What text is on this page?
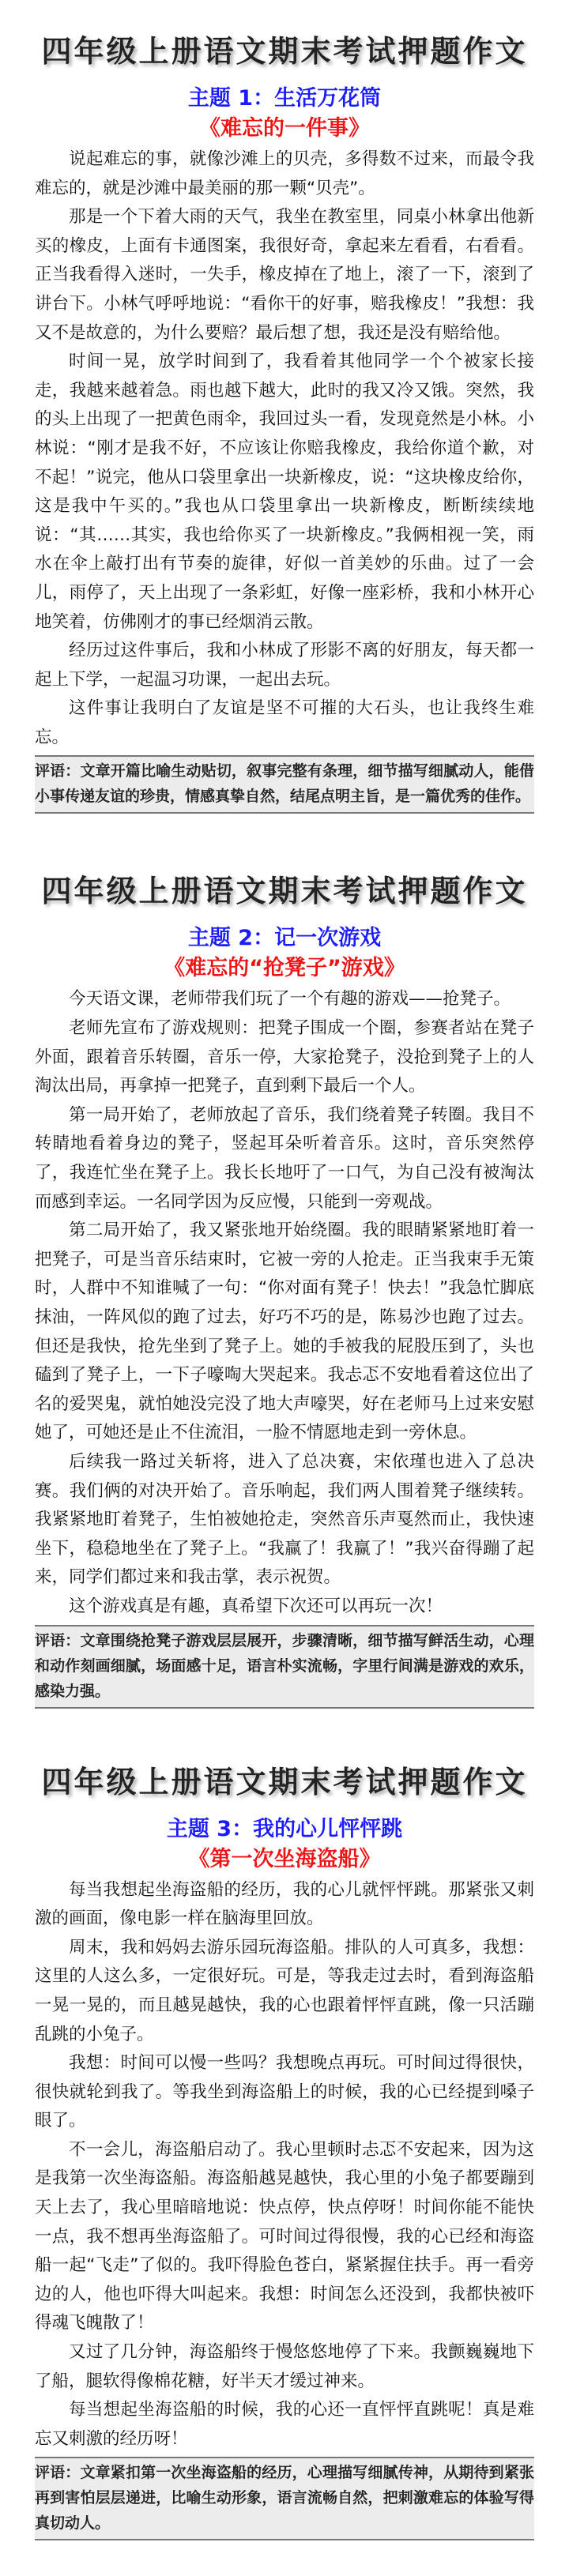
四年级上册语文期末考试押题作文
主题 1：生活万花筒
《难忘的一件事》

说起难忘的事，就像沙滩上的贝壳，多得数不过来，而最令我难忘的，就是沙滩中最美丽的那一颗“贝壳”。

那是一个下着大雨的天气，我坐在教室里，同桌小林拿出他新买的橡皮，上面有卡通图案，我很好奇，拿起来左看看，右看看。正当我看得入迷时，一失手，橡皮掉在了地上，滚了一下，滚到了讲台下。小林气呼呼地说：“看你干的好事，赔我橡皮！”我想：我又不是故意的，为什么要赔？最后想了想，我还是没有赔给他。

时间一晃，放学时间到了，我看着其他同学一个个被家长接走，我越来越着急。雨也越下越大，此时的我又冷又饿。突然，我的头上出现了一把黄色雨伞，我回过头一看，发现竟然是小林。小林说：“刚才是我不好，不应该让你赔我橡皮，我给你道个歉，对不起！”说完，他从口袋里拿出一块新橡皮，说：“这块橡皮给你，这是我中午买的。”我也从口袋里拿出一块新橡皮，断断续续地说：“其……其实，我也给你买了一块新橡皮。”我俩相视一笑，雨水在伞上敲打出有节奏的旋律，好似一首美妙的乐曲。过了一会儿，雨停了，天上出现了一条彩虹，好像一座彩桥，我和小林开心地笑着，仿佛刚才的事已经烟消云散。

经历过这件事后，我和小林成了形影不离的好朋友，每天都一起上下学，一起温习功课，一起出去玩。

这件事让我明白了友谊是坚不可摧的大石头，也让我终生难忘。

评语：文章开篇比喻生动贴切，叙事完整有条理，细节描写细腻动人，能借小事传递友谊的珍贵，情感真挚自然，结尾点明主旨，是一篇优秀的佳作。
四年级上册语文期末考试押题作文
主题 2：记一次游戏
《难忘的“抢凳子”游戏》

今天语文课，老师带我们玩了一个有趣的游戏——抢凳子。

老师先宣布了游戏规则：把凳子围成一个圈，参赛者站在凳子外面，跟着音乐转圈，音乐一停，大家抢凳子，没抢到凳子上的人淘汰出局，再拿掉一把凳子，直到剩下最后一个人。

第一局开始了，老师放起了音乐，我们绕着凳子转圈。我目不转睛地看着身边的凳子，竖起耳朵听着音乐。这时，音乐突然停了，我连忙坐在凳子上。我长长地吁了一口气，为自己没有被淘汰而感到幸运。一名同学因为反应慢，只能到一旁观战。

第二局开始了，我又紧张地开始绕圈。我的眼睛紧紧地盯着一把凳子，可是当音乐结束时，它被一旁的人抢走。正当我束手无策时，人群中不知谁喊了一句：“你对面有凳子！快去！”我急忙脚底抹油，一阵风似的跑了过去，好巧不巧的是，陈易沙也跑了过去。但还是我快，抢先坐到了凳子上。她的手被我的屁股压到了，头也磕到了凳子上，一下子嚎啕大哭起来。我忐忑不安地看着这位出了名的爱哭鬼，就怕她没完没了地大声嚎哭，好在老师马上过来安慰她了，可她还是止不住流泪，一脸不情愿地走到一旁休息。

后续我一路过关斩将，进入了总决赛，宋依瑾也进入了总决赛。我们俩的对决开始了。音乐响起，我们两人围着凳子继续转。我紧紧地盯着凳子，生怕被她抢走，突然音乐声戛然而止，我快速坐下，稳稳地坐在了凳子上。“我赢了！我赢了！”我兴奋得蹦了起来，同学们都过来和我击掌，表示祝贺。

这个游戏真是有趣，真希望下次还可以再玩一次！

评语：文章围绕抢凳子游戏层层展开，步骤清晰，细节描写鲜活生动，心理和动作刻画细腻，场面感十足，语言朴实流畅，字里行间满是游戏的欢乐，感染力强。
四年级上册语文期末考试押题作文
主题 3：我的心儿怦怦跳
《第一次坐海盗船》

每当我想起坐海盗船的经历，我的心儿就怦怦跳。那紧张又刺激的画面，像电影一样在脑海里回放。

周末，我和妈妈去游乐园玩海盗船。排队的人可真多，我想：这里的人这么多，一定很好玩。可是，等我走过去时，看到海盗船一晃一晃的，而且越晃越快，我的心也跟着怦怦直跳，像一只活蹦乱跳的小兔子。

我想：时间可以慢一些吗？我想晚点再玩。可时间过得很快，很快就轮到我了。等我坐到海盗船上的时候，我的心已经提到嗓子眼了。

不一会儿，海盗船启动了。我心里顿时忐忑不安起来，因为这是我第一次坐海盗船。海盗船越晃越快，我心里的小兔子都要蹦到天上去了，我心里暗暗地说：快点停，快点停呀！时间你能不能快一点，我不想再坐海盗船了。可时间过得很慢，我的心已经和海盗船一起“飞走”了似的。我吓得脸色苍白，紧紧握住扶手。再一看旁边的人，他也吓得大叫起来。我想：时间怎么还没到，我都快被吓得魂飞魄散了！

又过了几分钟，海盗船终于慢悠悠地停了下来。我颤巍巍地下了船，腿软得像棉花糖，好半天才缓过神来。

每当想起坐海盗船的时候，我的心还一直怦怦直跳呢！真是难忘又刺激的经历呀！

评语：文章紧扣第一次坐海盗船的经历，心理描写细腻传神，从期待到紧张再到害怕层层递进，比喻生动形象，语言流畅自然，把刺激难忘的体验写得真切动人。
